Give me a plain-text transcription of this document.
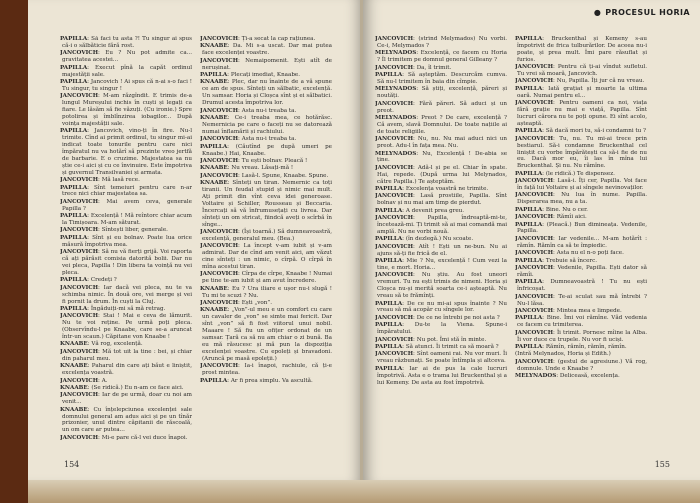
PAPILLA: Să faci tu asta ?! Tu singur ai spus că-i o sălbăticie fără rost.

JANCOVICH: Eu ? Nu pot admite ca... gravitatea acestei...

PAPILLA: Execut pînă la capăt ordinul majestății sale.

PAPILLA: Jancovich ! Ai spus că n-ai s-o faci ! Tu singur, tu singur !

JANCOVICH: M-am răzgîndit. E trimis de-a lungul Mureșului inchis în cuști și legați ca fiare. Le lăsăm să fie văzuți. (Cu ironie.) Spre potolirea și îmblînzirea iobagilor... După voința majestății sale.

PAPILLA: Jancovich, vino-ți în fire. Nu-l trimite. Cînd ai primit ordinul, tu singur mi-ai indicat toate tonurile pentru care nici împăratul nu va hotărî să prezinte vreo jertfă de barbarie. E o cruzime. Majestatea sa nu știe ce-i aici și cu ce învinuire. Este împotriva și guvernul Transilvaniei și armata.

JANCOVICH: Mă lasă rece.

PAPILLA: Sînt temeiuri pentru care n-ar trece nici chiar majestatea sa.

JANCOVICH: Mai avem ceva, generale Papilla ?

PAPILLA: Excelență ! Mă reîntorc chiar acum la Timișoara. M-am săturat.

JANCOVICH: Sîntești liber, generale.

PAPILLA: Sînt și eu bolnav. Poate lua orice măsură împotriva mea.

JANCOVICH: Să nu vă fierți grijă. Voi raporta că ați părăsit comisia datorită bolii. Dar nu vei pleca, Papilla ! Din libera ta voință nu vei pleca.

PAPILLA: Credeți ?

JANCOVICH: Iar dacă vei pleca, nu te va schimba nimic. În două ore, vei merge și vei fi pornit la drum. În cuști la Cluj.

PAPILLA: Îngăduiți-mi să mă retrag.

JANCOVICH: Stai ! Mai e ceva de lămurit. Nu te voi reține. Pe urmă poți pleca. (Observîndu-l pe Knaabe, care se-a aruncat într-un scaun.) Căpitane von Knaabe !

KNAABE: Vă rog, excelență.

JANCOVICH: Mă tot uit la tine : bei, și chiar din paharul meu.

KNAABE: Paharul din care ați băut e liniștit, excelența voastră.

JANCOVICH: A.

KNAABE: (Se ridică.) Eu n-am ce face aici.

JANCOVICH: Iar de pe urmă, doar cu noi am venit...

KNAABE: Cu înțelepciunea excelenței sale domnului general am adus aici și pe un tînăr prizonier, unul dintre căpitanii de răscoală, un om care ar putea...

JANCOVICH: Mi-e pare că-l vei duce înapoi.

JANCOVICH: Ți-a secat la cap rațiunea.

KNAABE: Da. Mi s-a uscat. Dar mai putea face excelenței voastre.

JANCOVICH: Nemaipomenit. Ești atît de nerușinat.

PAPILLA: Plecați imediat, Knaabe.

KNAABE: Plec, dar nu înainte de a vă spune ce am de spus. Sînteți un sălbatic, excelență. Un samsar. Horia și Cloșca sînt și ei sălbatici. Drumul acesta împotriva lor.

JANCOVICH: Asta nu-i treaba ta.

KNAABE: Ce-i treaba mea, ce hotărăsc. Nemernicia pe care o faceți nu se datorează numai înflamării și rachiului.

JANCOVICH: Asta nu-i treaba ta.

PAPILLA: (Căutînd pe după umeri pe Knaabe.) Hai, Knaabe.

JANCOVICH: Tu ești bolnav. Pleacă !

KNAABE: Nu vreau. Lăsați-mă !

JANCOVICH: Lasă-l. Spune, Knaabe. Spune.

KNAABE: Sînteți un tiran. Nemernic ca toți tiranii. Un feudal stupid și nimic mai mult. Ați primit din vînt ceva idei generoase. Voltaire și Schiller, Rousseau și Beccaria. Încercați să vă înfrumusețați cu livrea. Dar sînteți un om stricat, fiindcă aveți o scîrbă în sînge...

JANCOVICH: (Își toarnă.) Să dumneavoastră, excelență, generalul meu. (Bea.)

JANCOVICH: La încept v-am iubit și v-am admirat. Dar de cînd am venit aici, am văzut cine sînteți : un nimic, o cîrpă. O cîrpă în mîna acestui tiran.

JANCOVICH: Cîrpa de cîrpe, Knaabe ! Numai pe tine te-am iubit și am avut încredere.

KNAABE: Eu ? Ura iliare e ușor nu-i slugă ! Tu mi te scuzi ? Nu.

JANCOVICH: Ești „von”.

KNAABE: „Von”-ul meu e un comfort cu care un cavaler de „von” se simte mai fericit. Dar sînt „von” să fi fost viitorul unui nobil. Maaare ! Să fiu un ofițer ordonat de un samsar. Țară ca să nu am chiar o zi bună. Ba eu mă răsucesc și mă pun la dispoziția excelenței voastre. Cu epoleți și bravadoni. (Aruncă pe masă epoleții.)

JANCOVICH: Ia-i înapoi, rachiule, că ți-e prost mintea.

PAPILLA: Ar fi prea simplu. Va ascultă.

154
● PROCESUL HORIA

JANCOVICH: (strînd Melymados) Nu vorbi. Ce-i, Melymados ?

MELYNADOS: Excelență, ce facem cu Horia ? Îl trimitem pe domnul general Gilleany ?

JANCOVICH: Da, îl trimit.

PAPILLA: Să așteptăm. Descurcăm cumva. Să nu-l trimitem în baia din cîmpie.

MELYNADOS: Să știți, excelență, păreri și noutăți.

JANCOVICH: Fără păreri. Să aduci și un preot.

MELYNADOS: Preot ? De care, excelență ? Că avem, slavă Domnului. De toate națiile ai de toate religiile.

JANCOVICH: Nu, nu. Nu mai aduci nici un preot. Adu-l în fața mea. Nu.

MELYNADOS: Nu, Excelență ! De-abia se ține.

JANCOVICH: Adă-l și pe el. Chiar în spate. Hai, repede. (După urma lui Melynados, către Papilla.) Te așteptăm.

PAPILLA: Excelența voastră ne trimite.

JANCOVICH: Lasă prostiile, Papilla. Sînt bolnav și nu mai am timp de pierdut.

PAPILLA: A devenit prea greu.

JANCOVICH: Papilla, îndreaptă-mi-te, încetează-mi. Ți trimit să ai mai comandă mai amplă. Nu ne vorbi nouă.

PAPILLA: (în dezlegă.) Nu scoate.

JANCOVICH: Atît ! Ești un ne-bun. Nu ai ajuns să-ți fie frică de el.

PAPILLA: Mie ? Nu, excelență ! Cum vezi la tine, e mort. Horia...

JANCOVICH: Nu știu. Au fost uneori vremuri. Tu nu ești trimis de nimeni. Horia și Cloșca nu-și merită soarta ce-i așteaptă. Nu vreau să te frămînți.

PAPILLA: De ce nu mi-ai spus înainte ? Nu vreau să mă acopăr cu sîngele lor.

JANCOVICH: De ce ne întrebi pe noi asta ?

PAPILLA: Du-te la Viena. Spune-i împăratului.

JANCOVICH: Nu pot. Îmi stă în minte.

PAPILLA: Să atunci. Îi trimit ca să moară ?

JANCOVICH: Sînt oameni rai. Nu vor muri. Îi vreau răzbunați. Se poate întîmpla și altceva.

PAPILLA: Iar ai de pus la cale lucruri împotrivă. Asta e o trama lui Bruckenthal și a lui Kemeny. De asta au fost împotrivă.

PAPILLA: Bruckenthal și Kemeny s-au împotrivit de frica tulburărilor. De aceea nu-i poate, și prea mult. Îmi pare răsuflat și furios.

JANCOVICH: Pentru că ți-ai vîndut sufletul. Tu vrei să moară, Jancovich.

JANCOVICH: Nu, Papilla. Îți jur că nu vreau.

PAPILLA: Iată grațiat și moarte la ultima oară. Numai pentru el...

JANCOVICH: Pentru oameni ca noi, viața fără grație nu mai e viață, Papilla. Sînt lucruri cărora nu te poți opune. Ei sînt acolo, așteaptă.

PAPILLA: Să dacă mori tu, să-i condamni tu ?

JANCOVICH: Tu, nu. Tu mi-ai trece prin bestiarul. Să-i condamne Bruckenthal cel liniștit cu vorbe împărătești ca să-i fie de nu eu. Dacă mor eu, îi las în mîna lui Bruckenthal. Și nu. Nu rămîne.

PAPILLA: (le ridică.) Te dispensez.

JANCOVICH: Lasă-i. Îți cer, Papilla. Voi face în față lui Voltaire și ai sîngele nevinovaților.

JANCOVICH: Nu lua în nume. Papilla. Disperarea mea, nu a ta.

PAPILLA: Bine. Nu o cer.

JANCOVICH: Rămîi aici.

PAPILLA: (Pleacă.) Bun dimineața. Vedenile, Papilla.

JANCOVICH: Iar vedenile... M-am hotărît : rămîn. Rămîn ca să te împiedic.

JANCOVICH: Asta nu el n-o poți face.

PAPILLA: Trebuie să încerc.

JANCOVICH: Vedenile, Papilla. Ești dator să rămîi.

PAPILLA: Dumneavoastră ! Tu nu ești înfricoșat.

JANCOVICH: Te-ai sculat sau mă întrebi ? Nu-l lăsa.

JANCOVICH: Mintea mea e limpede.

PAPILLA: Bine. Îmi voi rămîne. Văd vedenia ce facem cu trimiterea.

JANCOVICH: Îi trimit. Pornesc mîine la Alba. Îi vor duce cu trupele. Nu vor fi uciși.

PAPILLA: Rămîn, rămîn, rămîn, rămîn.

(Intră Melynados, Horia și Edith.)

JANCOVICH: (gestul de agresiune.) Vă rog, domnule. Unde e Knaabe ?

MELYNADOS: Deliceasă, excelența.

155
